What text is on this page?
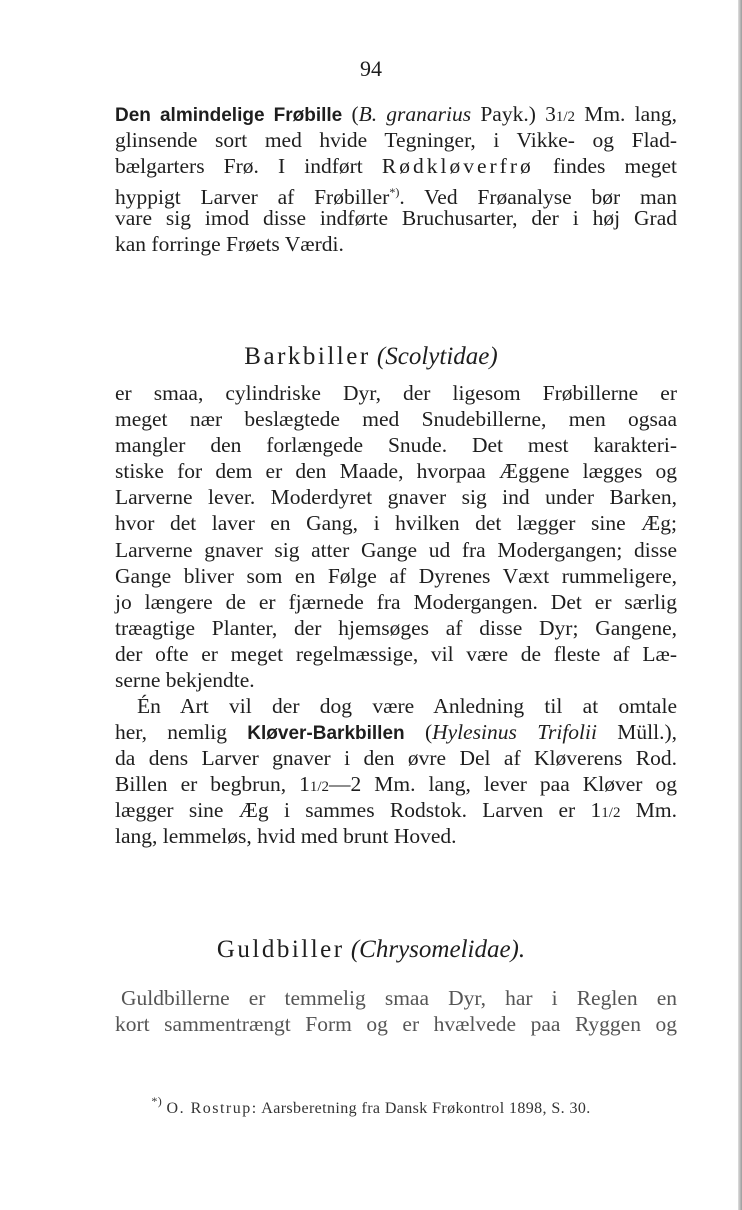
94
Den almindelige Frøbille (B. granarius Payk.) 31/2 Mm. lang,
glinsende sort med hvide Tegninger, i Vikke- og Flad-
bælgarters Frø. I indført Rødkløverfrø findes meget
hyppigt Larver af Frøbiller*). Ved Frøanalyse bør man
vare sig imod disse indførte Bruchusarter, der i høj Grad
kan forringe Frøets Værdi.
Barkbiller (Scolytidae)
er smaa, cylindriske Dyr, der ligesom Frøbillerne er
meget nær beslægtede med Snudebillerne, men ogsaa
mangler den forlængede Snude. Det mest karakteri-
stiske for dem er den Maade, hvorpaa Æggene lægges og
Larverne lever. Moderdyret gnaver sig ind under Barken,
hvor det laver en Gang, i hvilken det lægger sine Æg;
Larverne gnaver sig atter Gange ud fra Modergangen; disse
Gange bliver som en Følge af Dyrenes Væxt rummeligere,
jo længere de er fjærnede fra Modergangen. Det er særlig
træagtige Planter, der hjemsøges af disse Dyr; Gangene,
der ofte er meget regelmæssige, vil være de fleste af Læ-
serne bekjendte.
Én Art vil der dog være Anledning til at omtale
her, nemlig Kløver-Barkbillen (Hylesinus Trifolii Müll.),
da dens Larver gnaver i den øvre Del af Kløverens Rod.
Billen er begbrun, 11/2—2 Mm. lang, lever paa Kløver og
lægger sine Æg i sammes Rodstok. Larven er 11/2 Mm.
lang, lemmeløs, hvid med brunt Hoved.
Guldbiller (Chrysomelidae).
Guldbillerne er temmelig smaa Dyr, har i Reglen en
kort sammentrængt Form og er hvælvede paa Ryggen og
*) O. Rostrup: Aarsberetning fra Dansk Frøkontrol 1898, S. 30.
